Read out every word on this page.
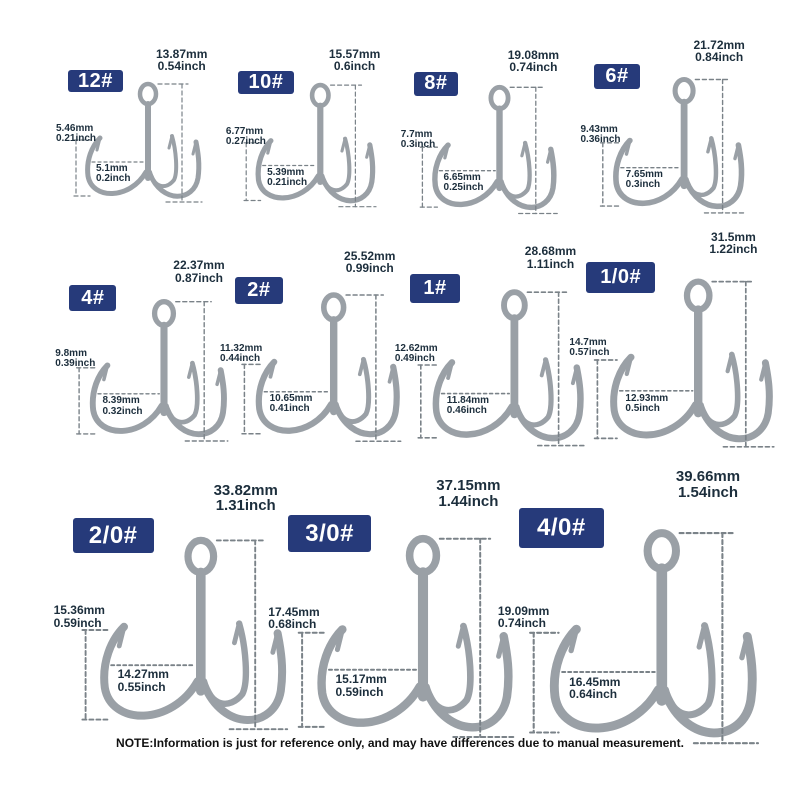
12#
13.87mm
0.54inch
5.46mm
0.21inch
5.1mm
0.2inch
10#
15.57mm
0.6inch
6.77mm
0.27inch
5.39mm
0.21inch
8#
19.08mm
0.74inch
7.7mm
0.3inch
6.65mm
0.25inch
6#
21.72mm
0.84inch
9.43mm
0.36inch
7.65mm
0.3inch
4#
22.37mm
0.87inch
9.8mm
0.39inch
8.39mm
0.32inch
2#
25.52mm
0.99inch
11.32mm
0.44inch
10.65mm
0.41inch
1#
28.68mm
1.11inch
12.62mm
0.49inch
11.84mm
0.46inch
1/0#
31.5mm
1.22inch
14.7mm
0.57inch
12.93mm
0.5inch
2/0#
33.82mm
1.31inch
15.36mm
0.59inch
14.27mm
0.55inch
3/0#
37.15mm
1.44inch
17.45mm
0.68inch
15.17mm
0.59inch
4/0#
39.66mm
1.54inch
19.09mm
0.74inch
16.45mm
0.64inch
NOTE:Information is just for reference only, and may have differences due to manual measurement.
